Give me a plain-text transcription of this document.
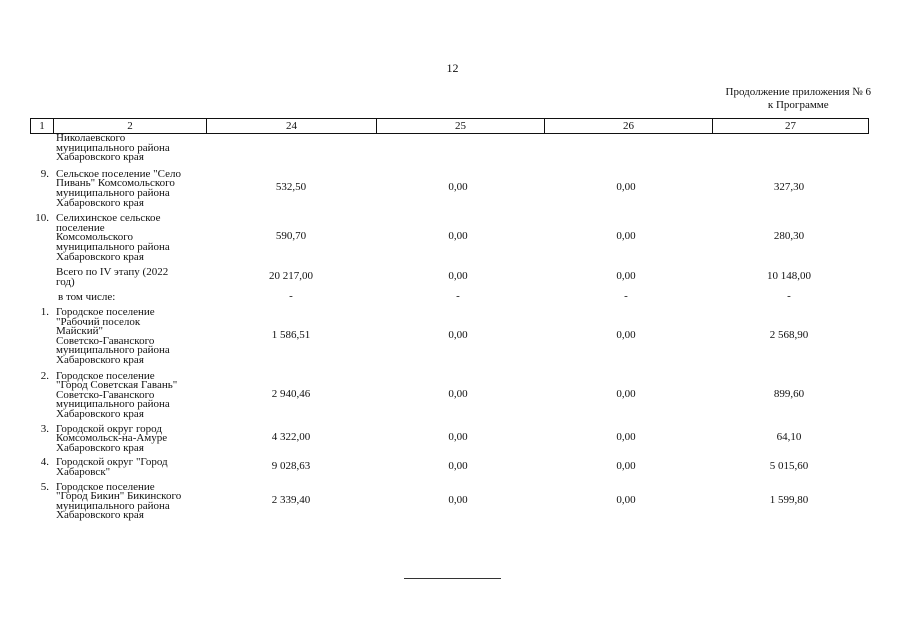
12
Продолжение приложения № 6
к Программе
1	2	24	25	26	27
Николаевского
муниципального района
Хабаровского края
9. Сельское поселение "Село
Пивань" Комсомольского
муниципального района
Хабаровского края
532,50	0,00	0,00	327,30
10. Селихинское сельское
поселение
Комсомольского
муниципального района
Хабаровского края
590,70	0,00	0,00	280,30
Всего по IV этапу (2022
год)	20 217,00	0,00	0,00	10 148,00
в том числе:	-	-	-	-
1. Городское поселение
"Рабочий поселок
Майский"
Советско-Гаванского
муниципального района
Хабаровского края
1 586,51	0,00	0,00	2 568,90
2. Городское поселение
"Город Советская Гавань"
Советско-Гаванского
муниципального района
Хабаровского края
2 940,46	0,00	0,00	899,60
3. Городской округ город
Комсомольск-на-Амуре
Хабаровского края
4 322,00	0,00	0,00	64,10
4. Городской округ "Город
Хабаровск"	9 028,63	0,00	0,00	5 015,60
5. Городское поселение
"Город Бикин" Бикинского
муниципального района
Хабаровского края
2 339,40	0,00	0,00	1 599,80
